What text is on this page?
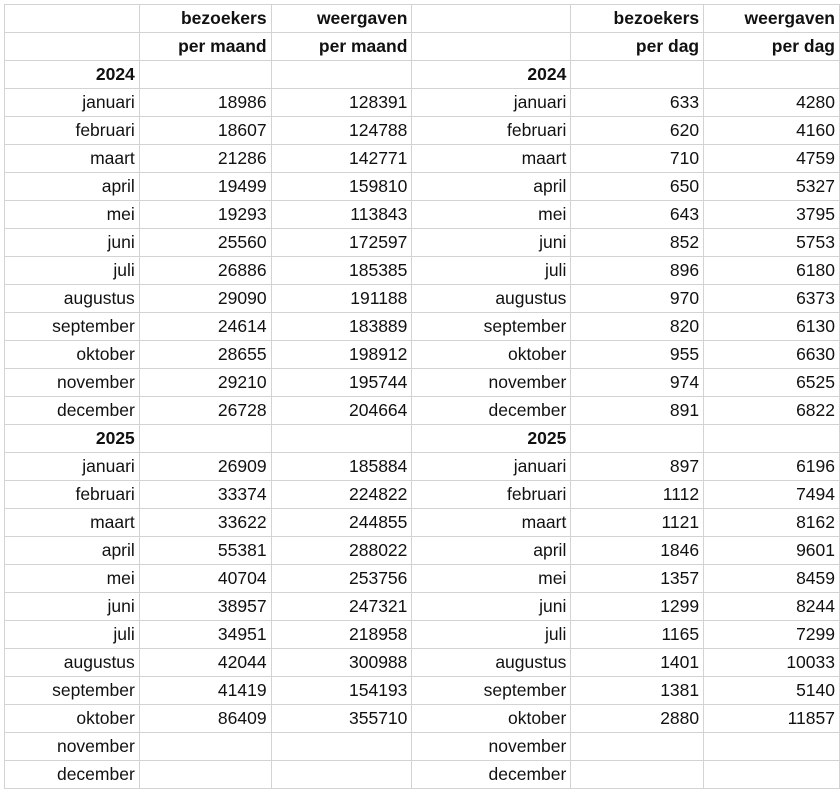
	bezoekers	weergaven		bezoekers	weergaven
	per maand	per maand		per dag	per dag
2024			2024		
januari	18986	128391	januari	633	4280
februari	18607	124788	februari	620	4160
maart	21286	142771	maart	710	4759
april	19499	159810	april	650	5327
mei	19293	113843	mei	643	3795
juni	25560	172597	juni	852	5753
juli	26886	185385	juli	896	6180
augustus	29090	191188	augustus	970	6373
september	24614	183889	september	820	6130
oktober	28655	198912	oktober	955	6630
november	29210	195744	november	974	6525
december	26728	204664	december	891	6822
2025			2025		
januari	26909	185884	januari	897	6196
februari	33374	224822	februari	1112	7494
maart	33622	244855	maart	1121	8162
april	55381	288022	april	1846	9601
mei	40704	253756	mei	1357	8459
juni	38957	247321	juni	1299	8244
juli	34951	218958	juli	1165	7299
augustus	42044	300988	augustus	1401	10033
september	41419	154193	september	1381	5140
oktober	86409	355710	oktober	2880	11857
november			november		
december			december		
